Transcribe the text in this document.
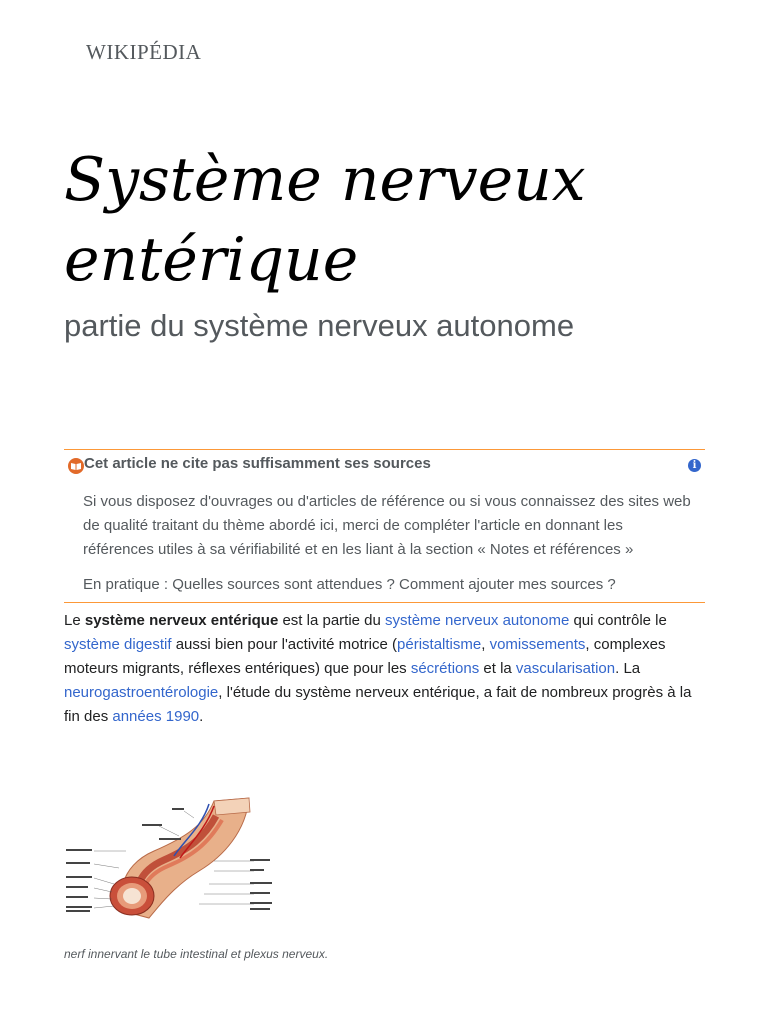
WIKIPÉDIA
Système nerveux entérique
partie du système nerveux autonome
Cet article ne cite pas suffisamment ses sources	i
Si vous disposez d'ouvrages ou d'articles de référence ou si vous connaissez des sites web de qualité traitant du thème abordé ici, merci de compléter l'article en donnant les références utiles à sa vérifiabilité et en les liant à la section « Notes et références »
En pratique : Quelles sources sont attendues ? Comment ajouter mes sources ?

Le système nerveux entérique est la partie du système nerveux autonome qui contrôle le système digestif aussi bien pour l'activité motrice (péristaltisme, vomissements, complexes moteurs migrants, réflexes entériques) que pour les sécrétions et la vascularisation. La neurogastroentérologie, l'étude du système nerveux entérique, a fait de nombreux progrès à la fin des années 1990.

nerf innervant le tube intestinal et plexus nerveux.
